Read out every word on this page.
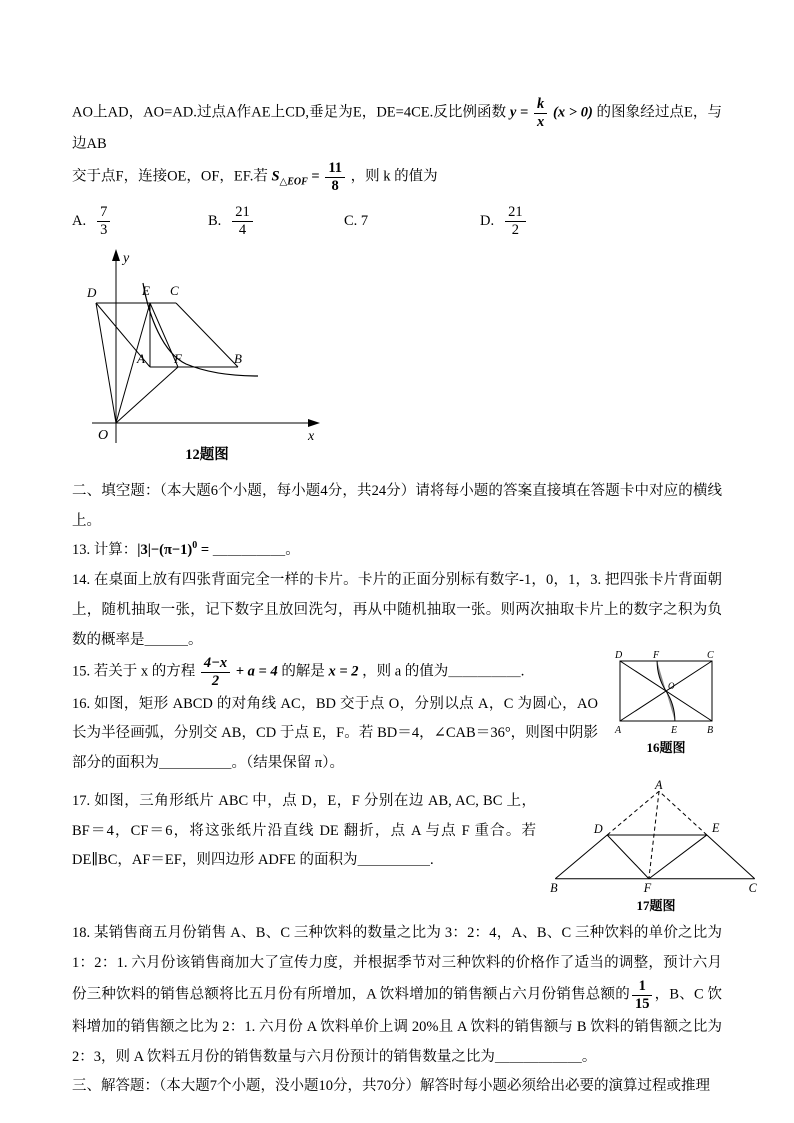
AO上AD，AO=AD.过点A作AE上CD,垂足为E，DE=4CE.反比例函数 $y = \frac{k}{x} (x > 0)$ 的图象经过点E，与边AB

交于点F，连接OE，OF，EF.若 $S_{\triangle EOF} = \frac{11}{8}$ ，则 k 的值为

A. $\frac{7}{3}$	B. $\frac{21}{4}$	C. 7	D. $\frac{21}{2}$
y
x
O
D	E C
A F	B
12题图

二、填空题：（本大题6个小题，每小题4分，共24分）请将每小题的答案直接填在答题卡中对应的横线上。

13. 计算：$|3|-(\pi-1)^0$ = ＿＿＿＿＿。

14. 在桌面上放有四张背面完全一样的卡片。卡片的正面分别标有数字-1，0，1，3. 把四张卡片背面朝上，随机抽取一张，记下数字且放回洗匀，再从中随机抽取一张。则两次抽取卡片上的数字之积为负数的概率是＿＿＿。

D	F	C
A	E	B
O
16题图

15. 若关于 x 的方程 $\frac{4-x}{2} + a = 4$ 的解是 x = 2 ，则 a 的值为＿＿＿＿＿.

16. 如图，矩形 ABCD 的对角线 AC，BD 交于点 O，分别以点 A，C 为圆心，AO 长为半径画弧，分别交 AB，CD 于点 E，F。若 BD＝4，∠CAB＝36°，则图中阴影部分的面积为＿＿＿＿＿。（结果保留 π）。

A
D	E
B	F	C
17题图

17. 如图，三角形纸片 ABC 中，点 D，E，F 分别在边 AB, AC, BC 上，BF＝4，CF＝6，将这张纸片沿直线 DE 翻折，点 A 与点 F 重合。若 DE∥BC，AF＝EF，则四边形 ADFE 的面积为＿＿＿＿＿.

18. 某销售商五月份销售 A、B、C 三种饮料的数量之比为 3：2：4，A、B、C 三种饮料的单价之比为 1：2：1. 六月份该销售商加大了宣传力度，并根据季节对三种饮料的价格作了适当的调整，预计六月份三种饮料的销售总额将比五月份有所增加，A 饮料增加的销售额占六月份销售总额的 $\frac{1}{15}$ ，B、C 饮料增加的销售额之比为 2：1. 六月份 A 饮料单价上调 20%且 A 饮料的销售额与 B 饮料的销售额之比为 2：3，则 A 饮料五月份的销售数量与六月份预计的销售数量之比为＿＿＿＿＿＿。

三、解答题：（本大题7个小题，没小题10分，共70分）解答时每小题必须给出必要的演算过程或推理
